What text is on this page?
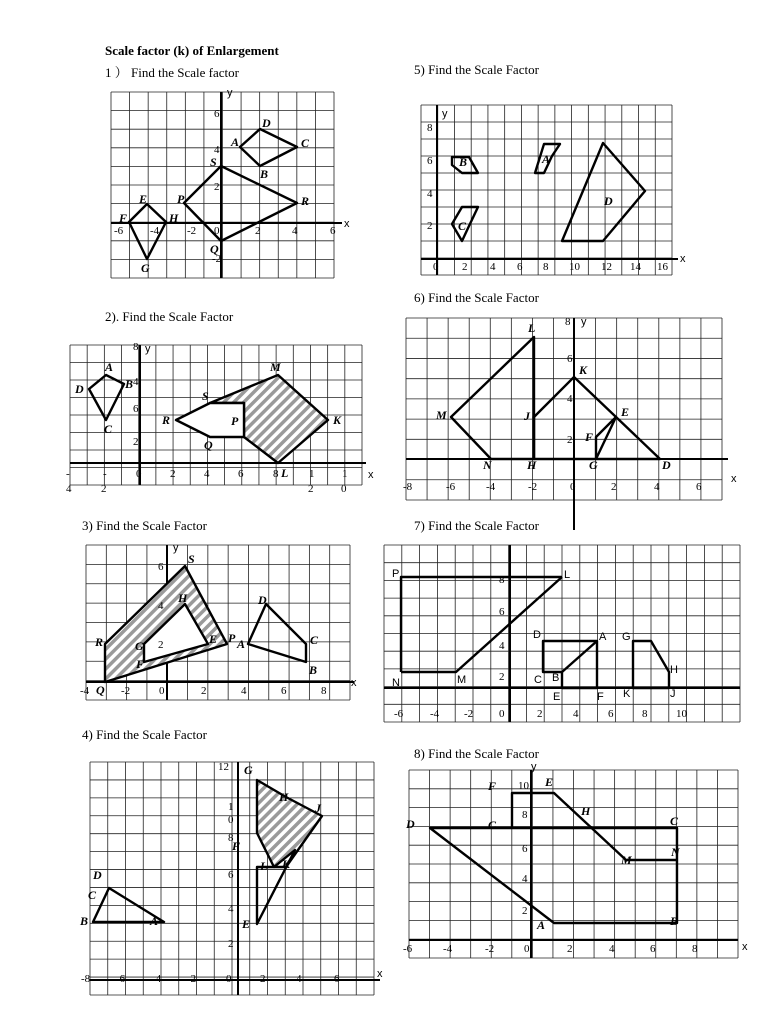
Scale factor (k) of Enlargement
1 ） Find the Scale factor
2). Find the Scale Factor
3) Find the Scale Factor
4) Find the Scale Factor
5) Find the Scale Factor
6) Find the Scale Factor
7) Find the Scale Factor
8) Find the Scale Factor
y
x
-6 -4	-2 0	2	4	6
2
4
6
-2
D
A	C
B
S
P	R
Q
E
F	H
G
y
x
-	-	0	2	4	6	8	1	1
4	2	2	0
2
6
8
4
A
B
D
C
M
S
R	P
Q
K
L
y
x
-4	-2	0	2	4	6	8
6
4
2
S
H
R	G
F
E P A
D
C
B
Q
x
-8 -6 -4 -2	0	2	4	6
12
1
0
8
6
4
2
G
H
J
F
L K
E
D
C
B	A
y
x
0 2 4 6 8 10 12 14 16
8
6
4
2
B	A
C
D
y
x
-8	-6	-4	-2	0	2	4	6
8
6
4
2
L
K
M	J	E
F
N	H	G	D
-6 -4 -2 0	2	4	6	8	10
8
6
4
2
P	L
D	A G
C B
H
N	M
E	F K	J
y
x
-6	-4	-2	0	2	4	6	8
10
8
6
4
2
F	E
H
D	C	C
M
N
A	B
